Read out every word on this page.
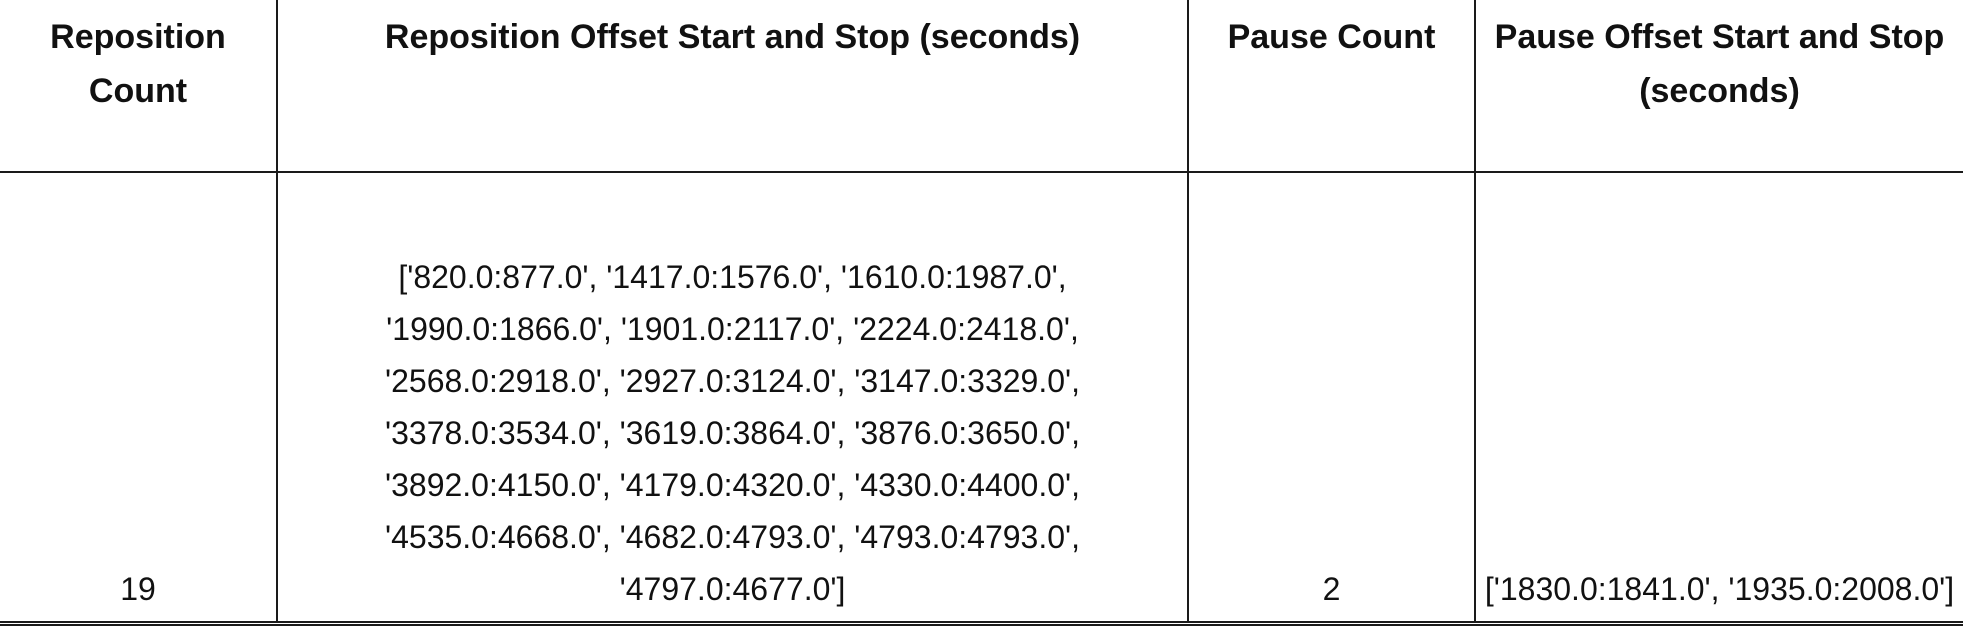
Reposition Count	Reposition Offset Start and Stop (seconds)	Pause Count	Pause Offset Start and Stop (seconds)
19	['820.0:877.0', '1417.0:1576.0', '1610.0:1987.0', '1990.0:1866.0', '1901.0:2117.0', '2224.0:2418.0', '2568.0:2918.0', '2927.0:3124.0', '3147.0:3329.0', '3378.0:3534.0', '3619.0:3864.0', '3876.0:3650.0', '3892.0:4150.0', '4179.0:4320.0', '4330.0:4400.0', '4535.0:4668.0', '4682.0:4793.0', '4793.0:4793.0', '4797.0:4677.0']	2	['1830.0:1841.0', '1935.0:2008.0']
